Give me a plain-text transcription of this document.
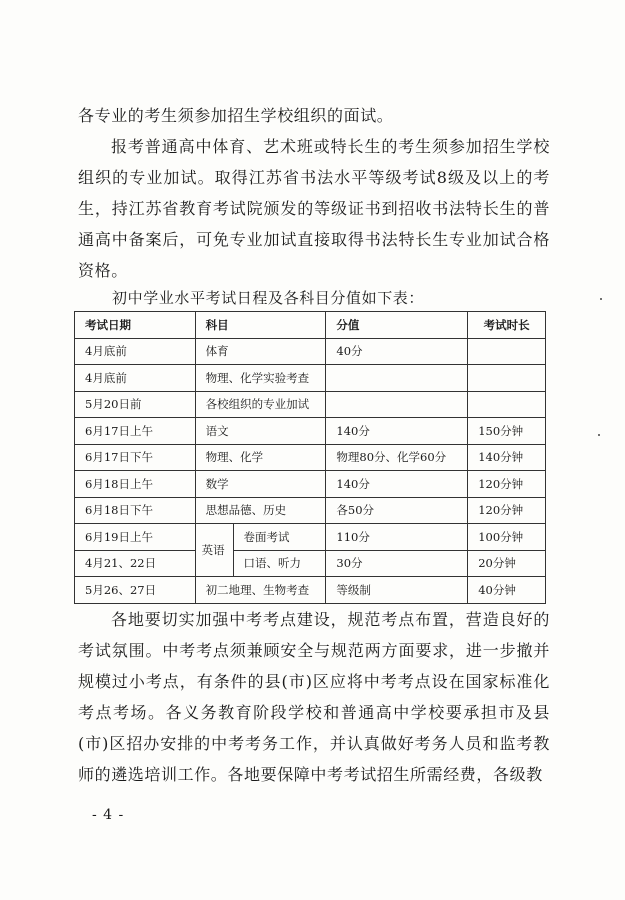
各专业的考生须参加招生学校组织的面试。

报考普通高中体育、艺术班或特长生的考生须参加招生学校组织的专业加试。取得江苏省书法水平等级考试8级及以上的考生，持江苏省教育考试院颁发的等级证书到招收书法特长生的普通高中备案后，可免专业加试直接取得书法特长生专业加试合格资格。

初中学业水平考试日程及各科目分值如下表：
考试日期	科目		分值	考试时长
4月底前	体育		40分	
4月底前	物理、化学实验考查			
5月20日前	各校组织的专业加试			
6月17日上午	语文		140分	150分钟
6月17日下午	物理、化学		物理80分、化学60分	140分钟
6月18日上午	数学		140分	120分钟
6月18日下午	思想品德、历史		各50分	120分钟
6月19日上午	英语	卷面考试	110分	100分钟
4月21、22日		口语、听力	30分	20分钟
5月26、27日	初二地理、生物考查		等级制	40分钟

各地要切实加强中考考点建设，规范考点布置，营造良好的考试氛围。中考考点须兼顾安全与规范两方面要求，进一步撤并规模过小考点，有条件的县(市)区应将中考考点设在国家标准化考点考场。各义务教育阶段学校和普通高中学校要承担市及县(市)区招办安排的中考考务工作，并认真做好考务人员和监考教师的遴选培训工作。各地要保障中考考试招生所需经费，各级教

- 4 -
